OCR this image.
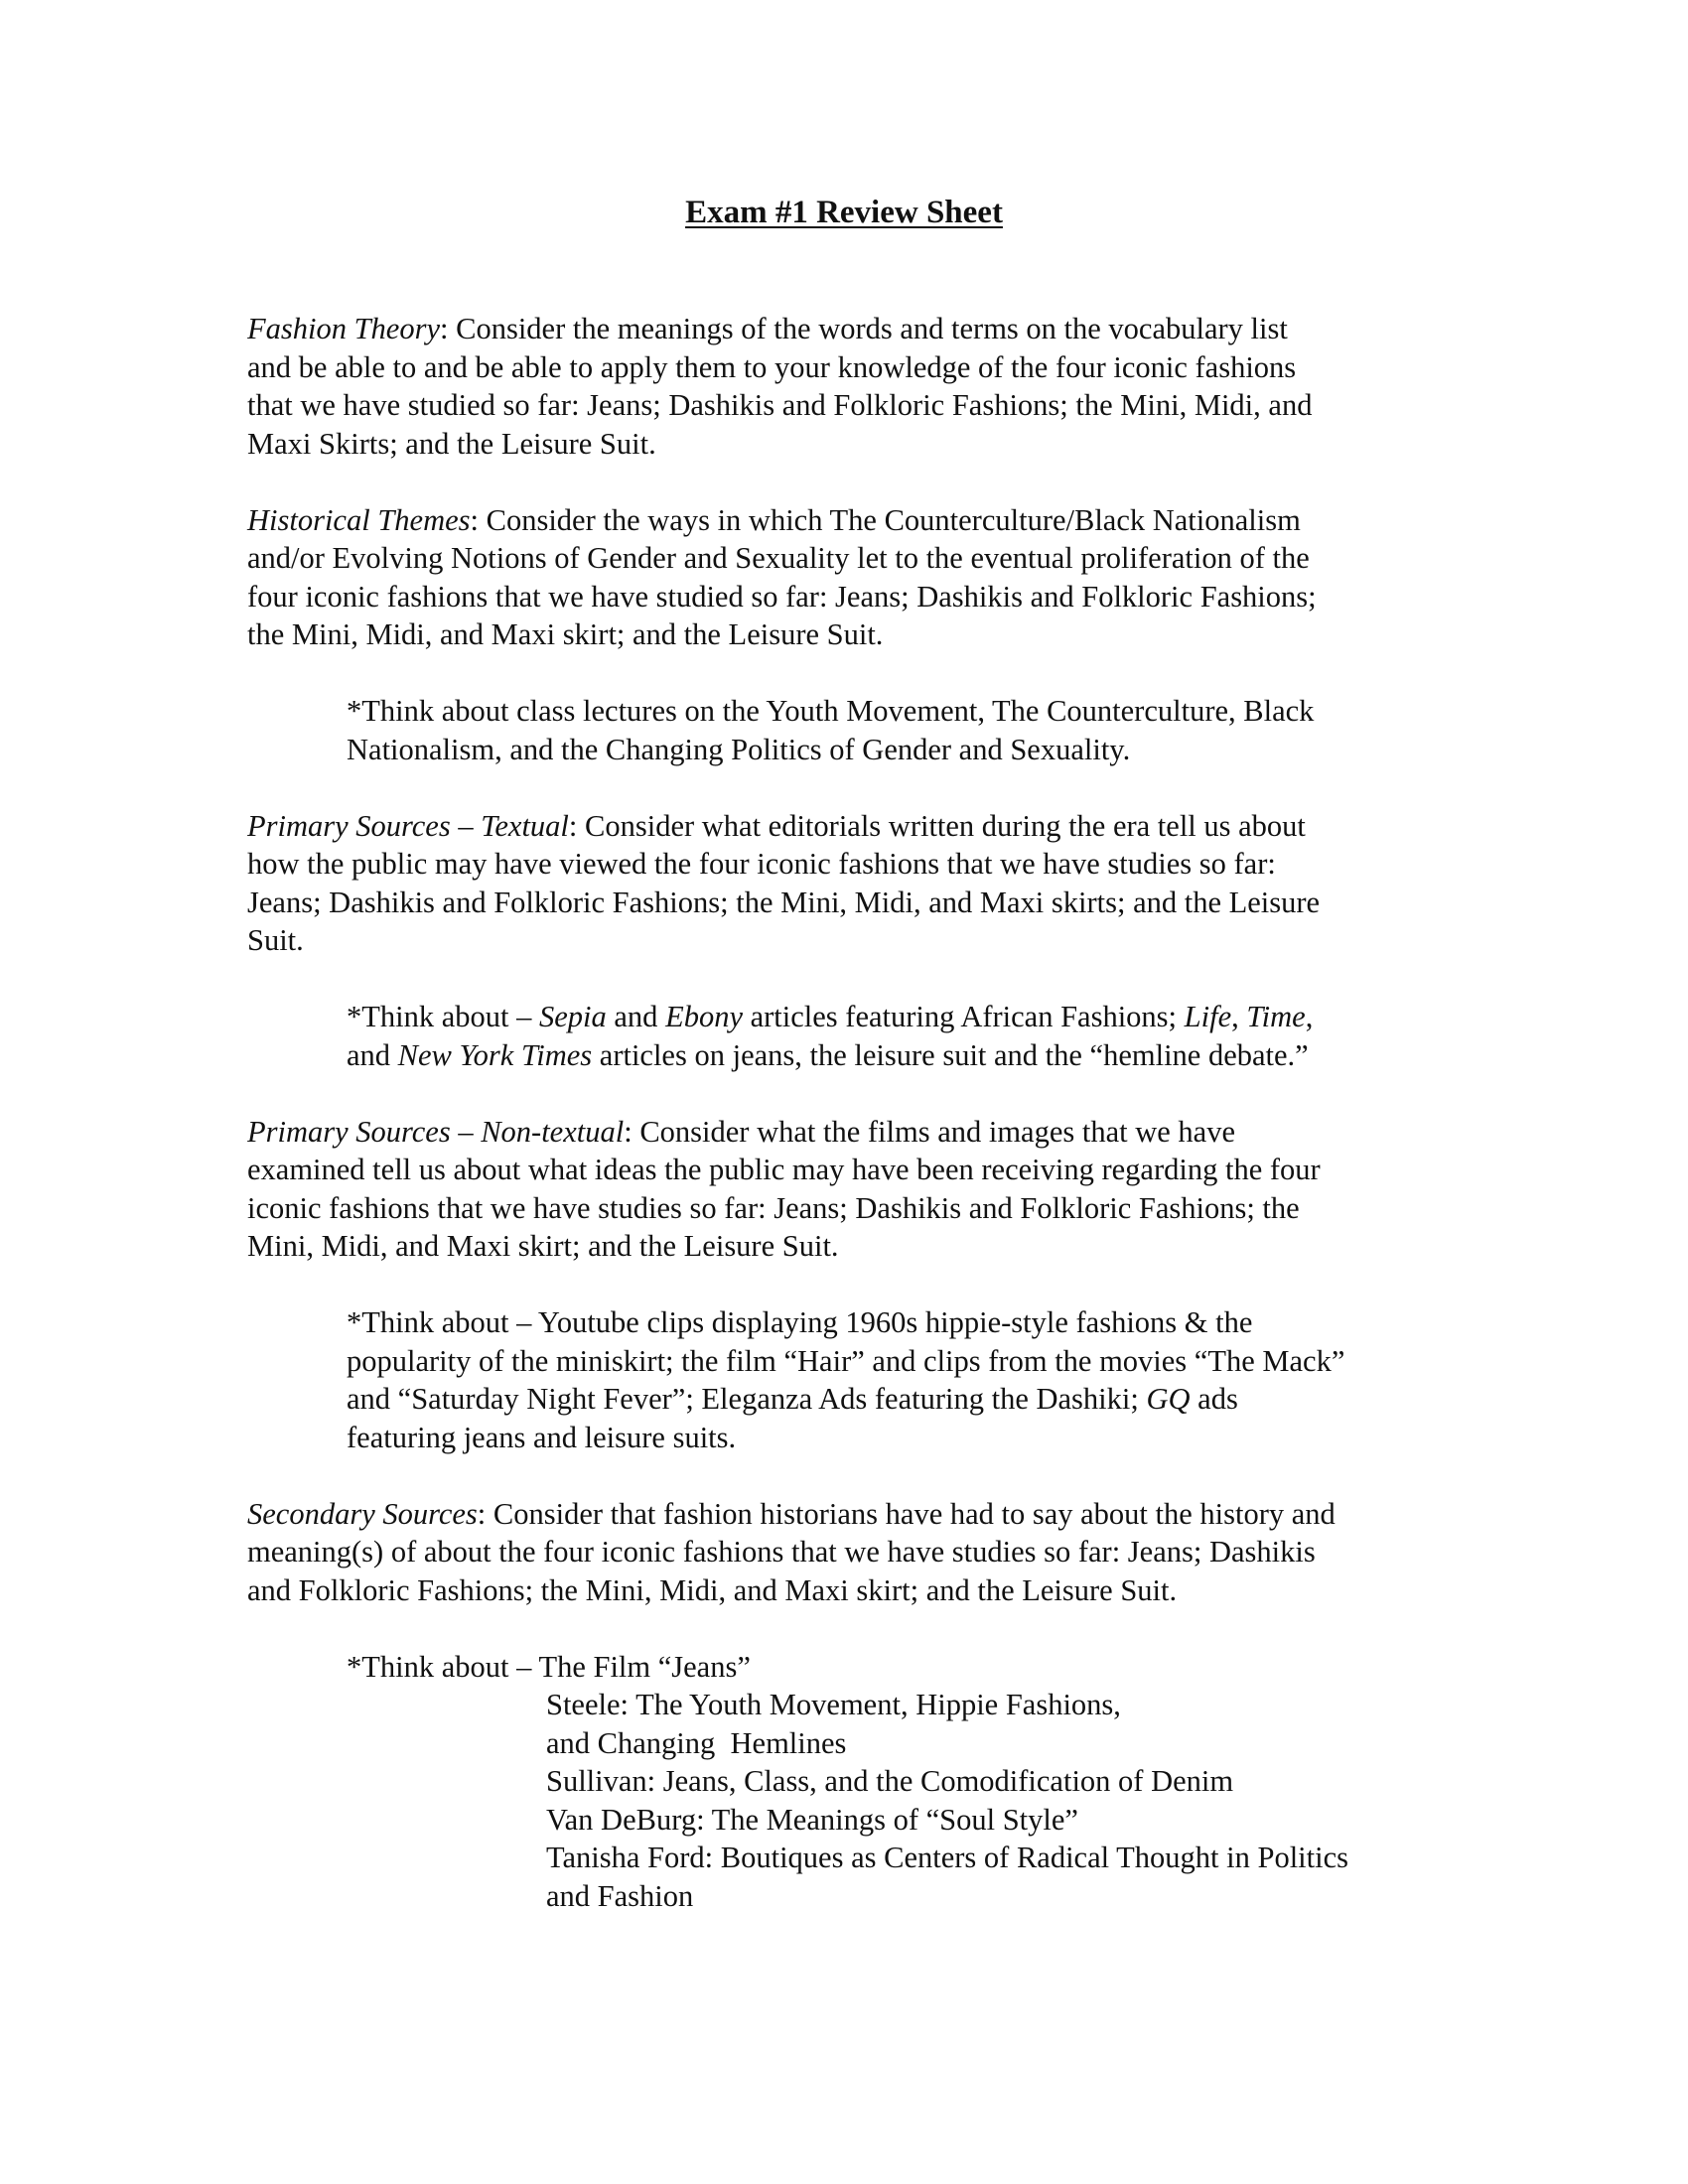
Exam #1 Review Sheet
Fashion Theory: Consider the meanings of the words and terms on the vocabulary list
and be able to and be able to apply them to your knowledge of the four iconic fashions
that we have studied so far: Jeans; Dashikis and Folkloric Fashions; the Mini, Midi, and
Maxi Skirts; and the Leisure Suit.
Historical Themes: Consider the ways in which The Counterculture/Black Nationalism
and/or Evolving Notions of Gender and Sexuality let to the eventual proliferation of the
four iconic fashions that we have studied so far: Jeans; Dashikis and Folkloric Fashions;
the Mini, Midi, and Maxi skirt; and the Leisure Suit.
*Think about class lectures on the Youth Movement, The Counterculture, Black
Nationalism, and the Changing Politics of Gender and Sexuality.
Primary Sources – Textual: Consider what editorials written during the era tell us about
how the public may have viewed the four iconic fashions that we have studies so far:
Jeans; Dashikis and Folkloric Fashions; the Mini, Midi, and Maxi skirts; and the Leisure
Suit.
*Think about – Sepia and Ebony articles featuring African Fashions; Life, Time,
and New York Times articles on jeans, the leisure suit and the “hemline debate.”
Primary Sources – Non-textual: Consider what the films and images that we have
examined tell us about what ideas the public may have been receiving regarding the four
iconic fashions that we have studies so far: Jeans; Dashikis and Folkloric Fashions; the
Mini, Midi, and Maxi skirt; and the Leisure Suit.
*Think about – Youtube clips displaying 1960s hippie-style fashions & the
popularity of the miniskirt; the film “Hair” and clips from the movies “The Mack”
and “Saturday Night Fever”; Eleganza Ads featuring the Dashiki; GQ ads
featuring jeans and leisure suits.
Secondary Sources: Consider that fashion historians have had to say about the history and
meaning(s) of about the four iconic fashions that we have studies so far: Jeans; Dashikis
and Folkloric Fashions; the Mini, Midi, and Maxi skirt; and the Leisure Suit.
*Think about – The Film “Jeans”
Steele: The Youth Movement, Hippie Fashions,
and Changing  Hemlines
Sullivan: Jeans, Class, and the Comodification of Denim
Van DeBurg: The Meanings of “Soul Style”
Tanisha Ford: Boutiques as Centers of Radical Thought in Politics
and Fashion
